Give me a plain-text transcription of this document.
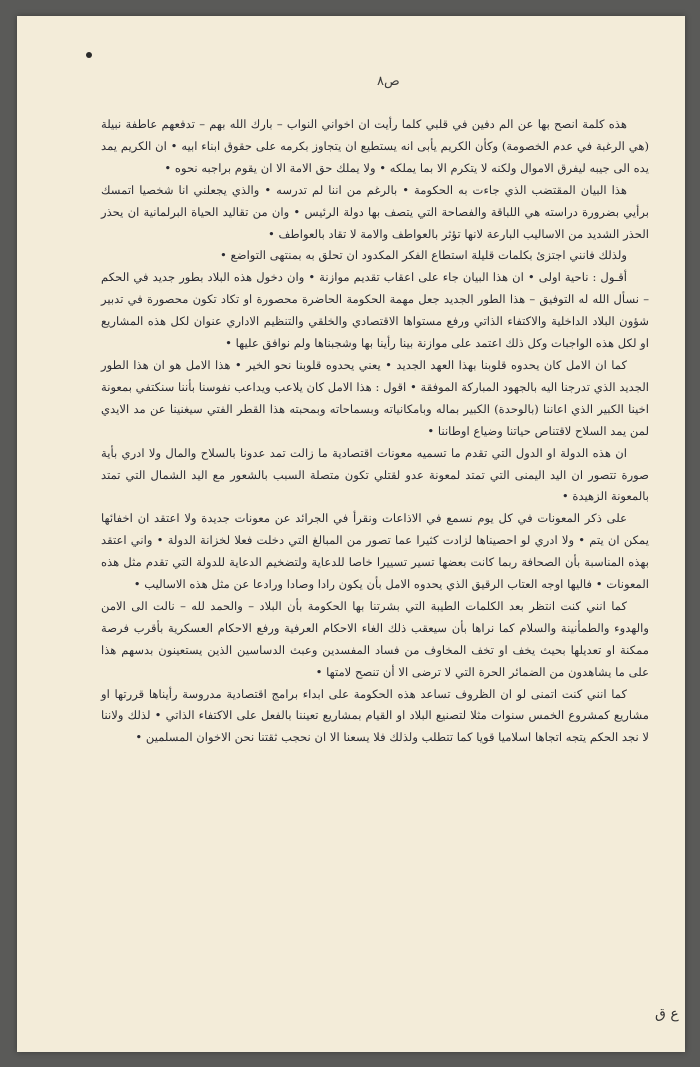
ص٨

هذه كلمة انصح بها عن الم دفين في قلبي كلما رأيت ان اخواني النواب – بارك الله بهم – تدفعهم عاطفة نبيلة (هي الرغبة في عدم الخصومة) وكأن الكريم يأبى انه يستطيع ان يتجاوز بكرمه على حقوق ابناء ابيه • ان الكريم يمد يده الى جيبه ليفرق الاموال ولكنه لا يتكرم الا بما يملكه • ولا يملك حق الامة الا ان يقوم براجبه نحوه •

هذا البيان المقتضب الذي جاءت به الحكومة • بالرغم من اننا لم تدرسه • والذي يجعلني انا شخصيا اتمسك برأيي بضرورة دراسته هي اللباقة والفصاحة التي يتصف بها دولة الرئيس • وان من تقاليد الحياة البرلمانية ان يحذر الحذر الشديد من الاساليب البارعة لانها تؤثر بالعواطف والامة لا تقاد بالعواطف •

ولذلك فانني اجتزئ بكلمات قليلة استطاع الفكر المكدود ان تحلق به بمنتهى التواضع •

أقـول : ناحية اولى • ان هذا البيان جاء على اعقاب تقديم موازنة • وان دخول هذه البلاد بطور جديد في الحكم – نسأل الله له التوفيق – هذا الطور الجديد جعل مهمة الحكومة الحاضرة محصورة او تكاد تكون محصورة في تدبير شؤون البلاد الداخلية والاكتفاء الذاتي ورفع مستواها الاقتصادي والخلقي والتنظيم الاداري عنوان لكل هذه المشاريع او لكل هذه الواجبات وكل ذلك اعتمد على موازنة بينا رأينا بها وشجبناها ولم نوافق عليها •

كما ان الامل كان يحدوه قلوبنا بهذا العهد الجديد • يعني يحدوه قلوبنا نحو الخير • هذا الامل هو ان هذا الطور الجديد الذي تدرجنا اليه بالجهود المباركة الموفقة • اقول : هذا الامل كان يلاعب ويداعب نفوسنا بأننا سنكتفي بمعونة اخينا الكبير الذي اعاننا (بالوحدة) الكبير بماله وبامكانياته وبسماحاته وبمحبته هذا القطر الفتي سيغنينا عن مد الايدي لمن يمد السلاح لاقتناص حياتنا وضياع اوطاننا •

ان هذه الدولة او الدول التي تقدم ما تسميه معونات اقتصادية ما زالت تمد عدونا بالسلاح والمال ولا ادري بأية صورة تتصور ان اليد اليمنى التي تمتد لمعونة عدو لقتلي تكون متصلة السبب بالشعور مع اليد الشمال التي تمتد بالمعونة الزهيدة •

على ذكر المعونات في كل يوم نسمع في الاذاعات ونقرأ في الجرائد عن معونات جديدة ولا اعتقد ان اخفائها يمكن ان يتم • ولا ادري لو احصيناها لزادت كثيرا عما تصور من المبالغ التي دخلت فعلا لخزانة الدولة • واني اعتقد بهذه المناسبة بأن الصحافة ربما كانت بعضها تسير تسييرا خاصا للدعاية ولتضخيم الدعاية للدولة التي تقدم مثل هذه المعونات • فاليها اوجه العتاب الرقيق الذي يحدوه الامل بأن يكون رادا وصادا ورادعا عن مثل هذه الاساليب •

كما انني كنت انتظر بعد الكلمات الطيبة التي بشرتنا بها الحكومة بأن البلاد – والحمد لله – نالت الى الامن والهدوء والطمأنينة والسلام كما نراها بأن سيعقب ذلك الغاء الاحكام العرفية ورفع الاحكام العسكرية بأقرب فرصة ممكنة او تعديلها بحيث يخف او تخف المخاوف من فساد المفسدين وعبث الدساسين الذين يستعينون بدسهم هذا على ما يشاهدون من الضمائر الحرة التي لا ترضى الا أن تنصح لامتها •

كما انني كنت اتمنى لو ان الظروف تساعد هذه الحكومة على ابداء برامج اقتصادية مدروسة رأيناها قررتها او مشاريع كمشروع الخمس سنوات مثلا لتصنيع البلاد او القيام بمشاريع تعيننا بالفعل على الاكتفاء الذاتي • لذلك ولاننا لا نجد الحكم يتجه اتجاها اسلاميا قويا كما تتطلب ولذلك فلا يسعنا الا ان نحجب ثقتنا نحن الاخوان المسلمين •

ع ق
